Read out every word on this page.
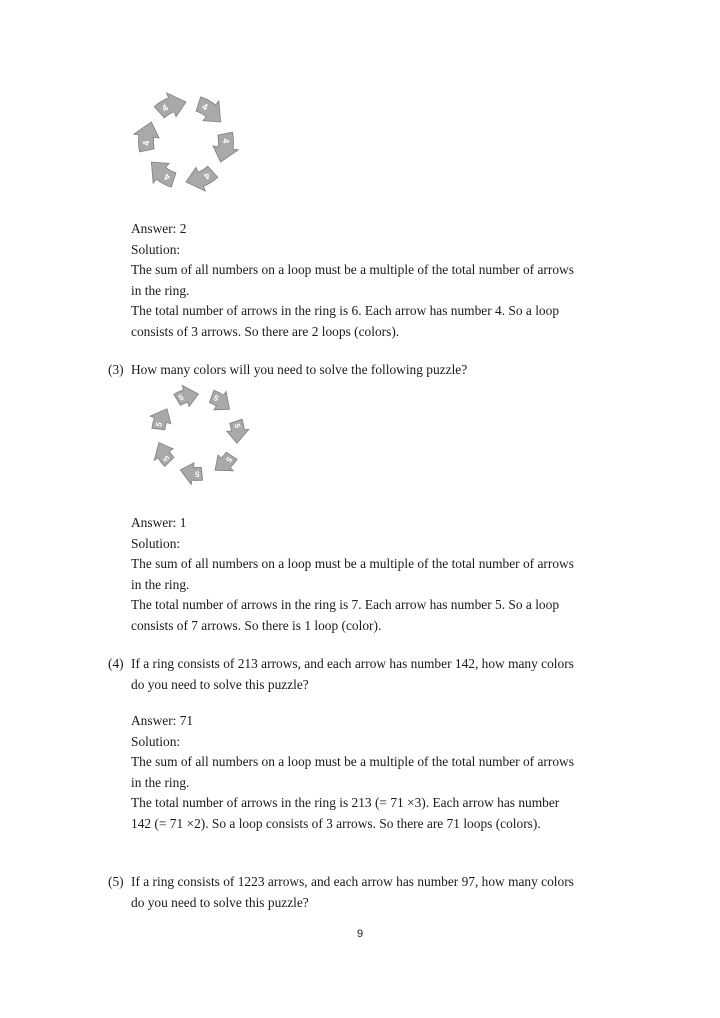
4
4
4
4
4
4
Answer: 2
Solution:
The sum of all numbers on a loop must be a multiple of the total number of arrows
in the ring.
The total number of arrows in the ring is 6. Each arrow has number 4. So a loop
consists of 3 arrows. So there are 2 loops (colors).
(3) How many colors will you need to solve the following puzzle?
5
5
5
5
5
5
5
Answer: 1
Solution:
The sum of all numbers on a loop must be a multiple of the total number of arrows
in the ring.
The total number of arrows in the ring is 7. Each arrow has number 5. So a loop
consists of 7 arrows. So there is 1 loop (color).
(4) If a ring consists of 213 arrows, and each arrow has number 142, how many colors
do you need to solve this puzzle?
Answer: 71
Solution:
The sum of all numbers on a loop must be a multiple of the total number of arrows
in the ring.
The total number of arrows in the ring is 213 (= 71 ×3). Each arrow has number
142 (= 71 ×2). So a loop consists of 3 arrows. So there are 71 loops (colors).
(5) If a ring consists of 1223 arrows, and each arrow has number 97, how many colors
do you need to solve this puzzle?
9
